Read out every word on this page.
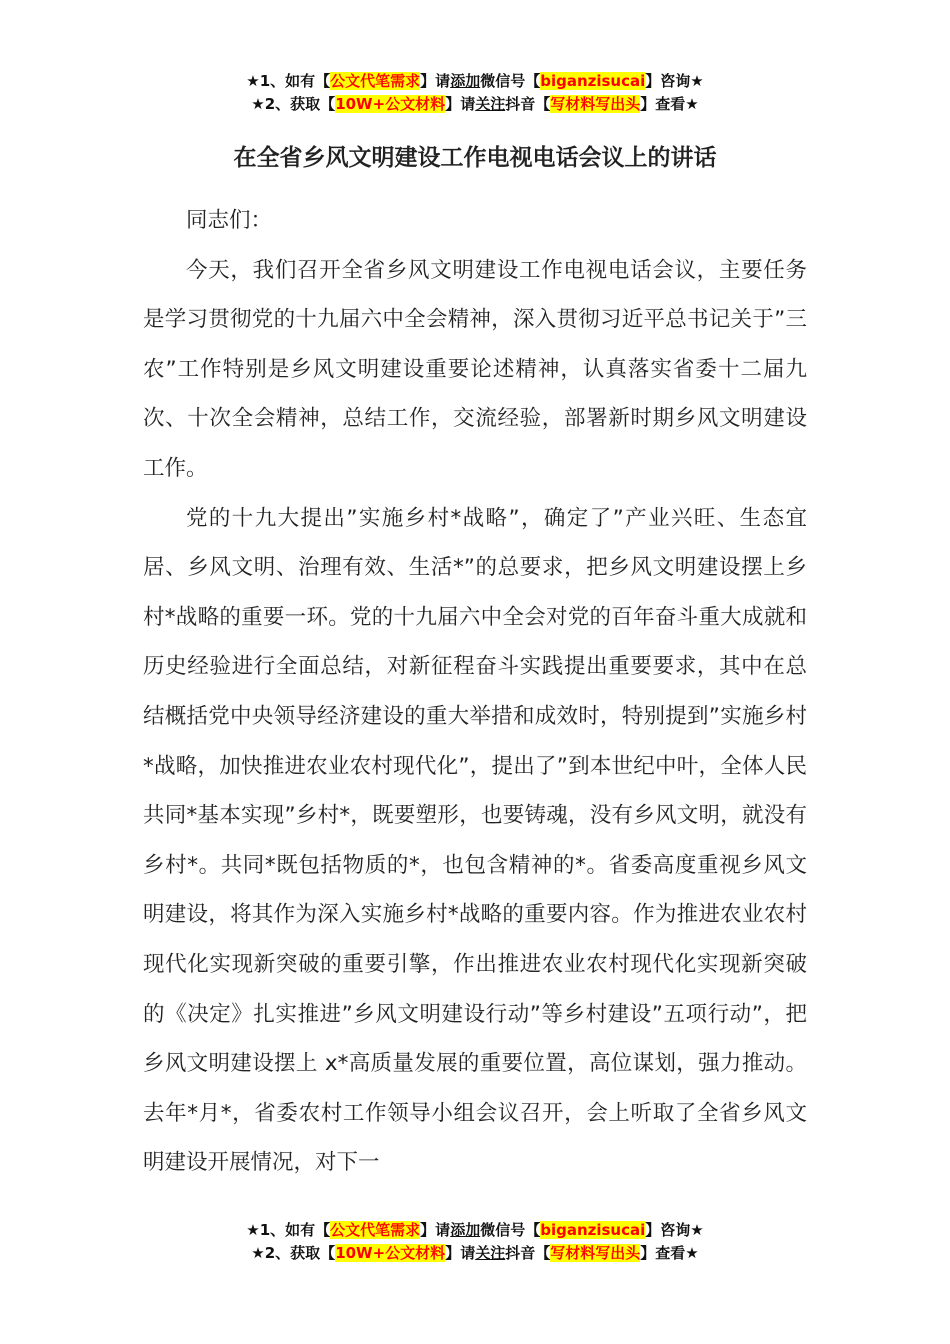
★1、如有【公文代笔需求】请添加微信号【biganzisucai】咨询★
★2、获取【10W+公文材料】请关注抖音【写材料写出头】查看★
在全省乡风文明建设工作电视电话会议上的讲话

同志们：

今天，我们召开全省乡风文明建设工作电视电话会议，主要任务是学习贯彻党的十九届六中全会精神，深入贯彻习近平总书记关于”三农”工作特别是乡风文明建设重要论述精神，认真落实省委十二届九次、十次全会精神，总结工作，交流经验，部署新时期乡风文明建设工作。

党的十九大提出”实施乡村*战略”，确定了”产业兴旺、生态宜居、乡风文明、治理有效、生活*”的总要求，把乡风文明建设摆上乡村*战略的重要一环。党的十九届六中全会对党的百年奋斗重大成就和历史经验进行全面总结，对新征程奋斗实践提出重要要求，其中在总结概括党中央领导经济建设的重大举措和成效时，特别提到”实施乡村*战略，加快推进农业农村现代化”，提出了”到本世纪中叶，全体人民共同*基本实现”乡村*，既要塑形，也要铸魂，没有乡风文明，就没有乡村*。共同*既包括物质的*，也包含精神的*。省委高度重视乡风文明建设，将其作为深入实施乡村*战略的重要内容。作为推进农业农村现代化实现新突破的重要引擎，作出推进农业农村现代化实现新突破的《决定》扎实推进”乡风文明建设行动”等乡村建设”五项行动”，把乡风文明建设摆上 x*高质量发展的重要位置，高位谋划，强力推动。去年*月*，省委农村工作领导小组会议召开，会上听取了全省乡风文明建设开展情况，对下一

★1、如有【公文代笔需求】请添加微信号【biganzisucai】咨询★
★2、获取【10W+公文材料】请关注抖音【写材料写出头】查看★
